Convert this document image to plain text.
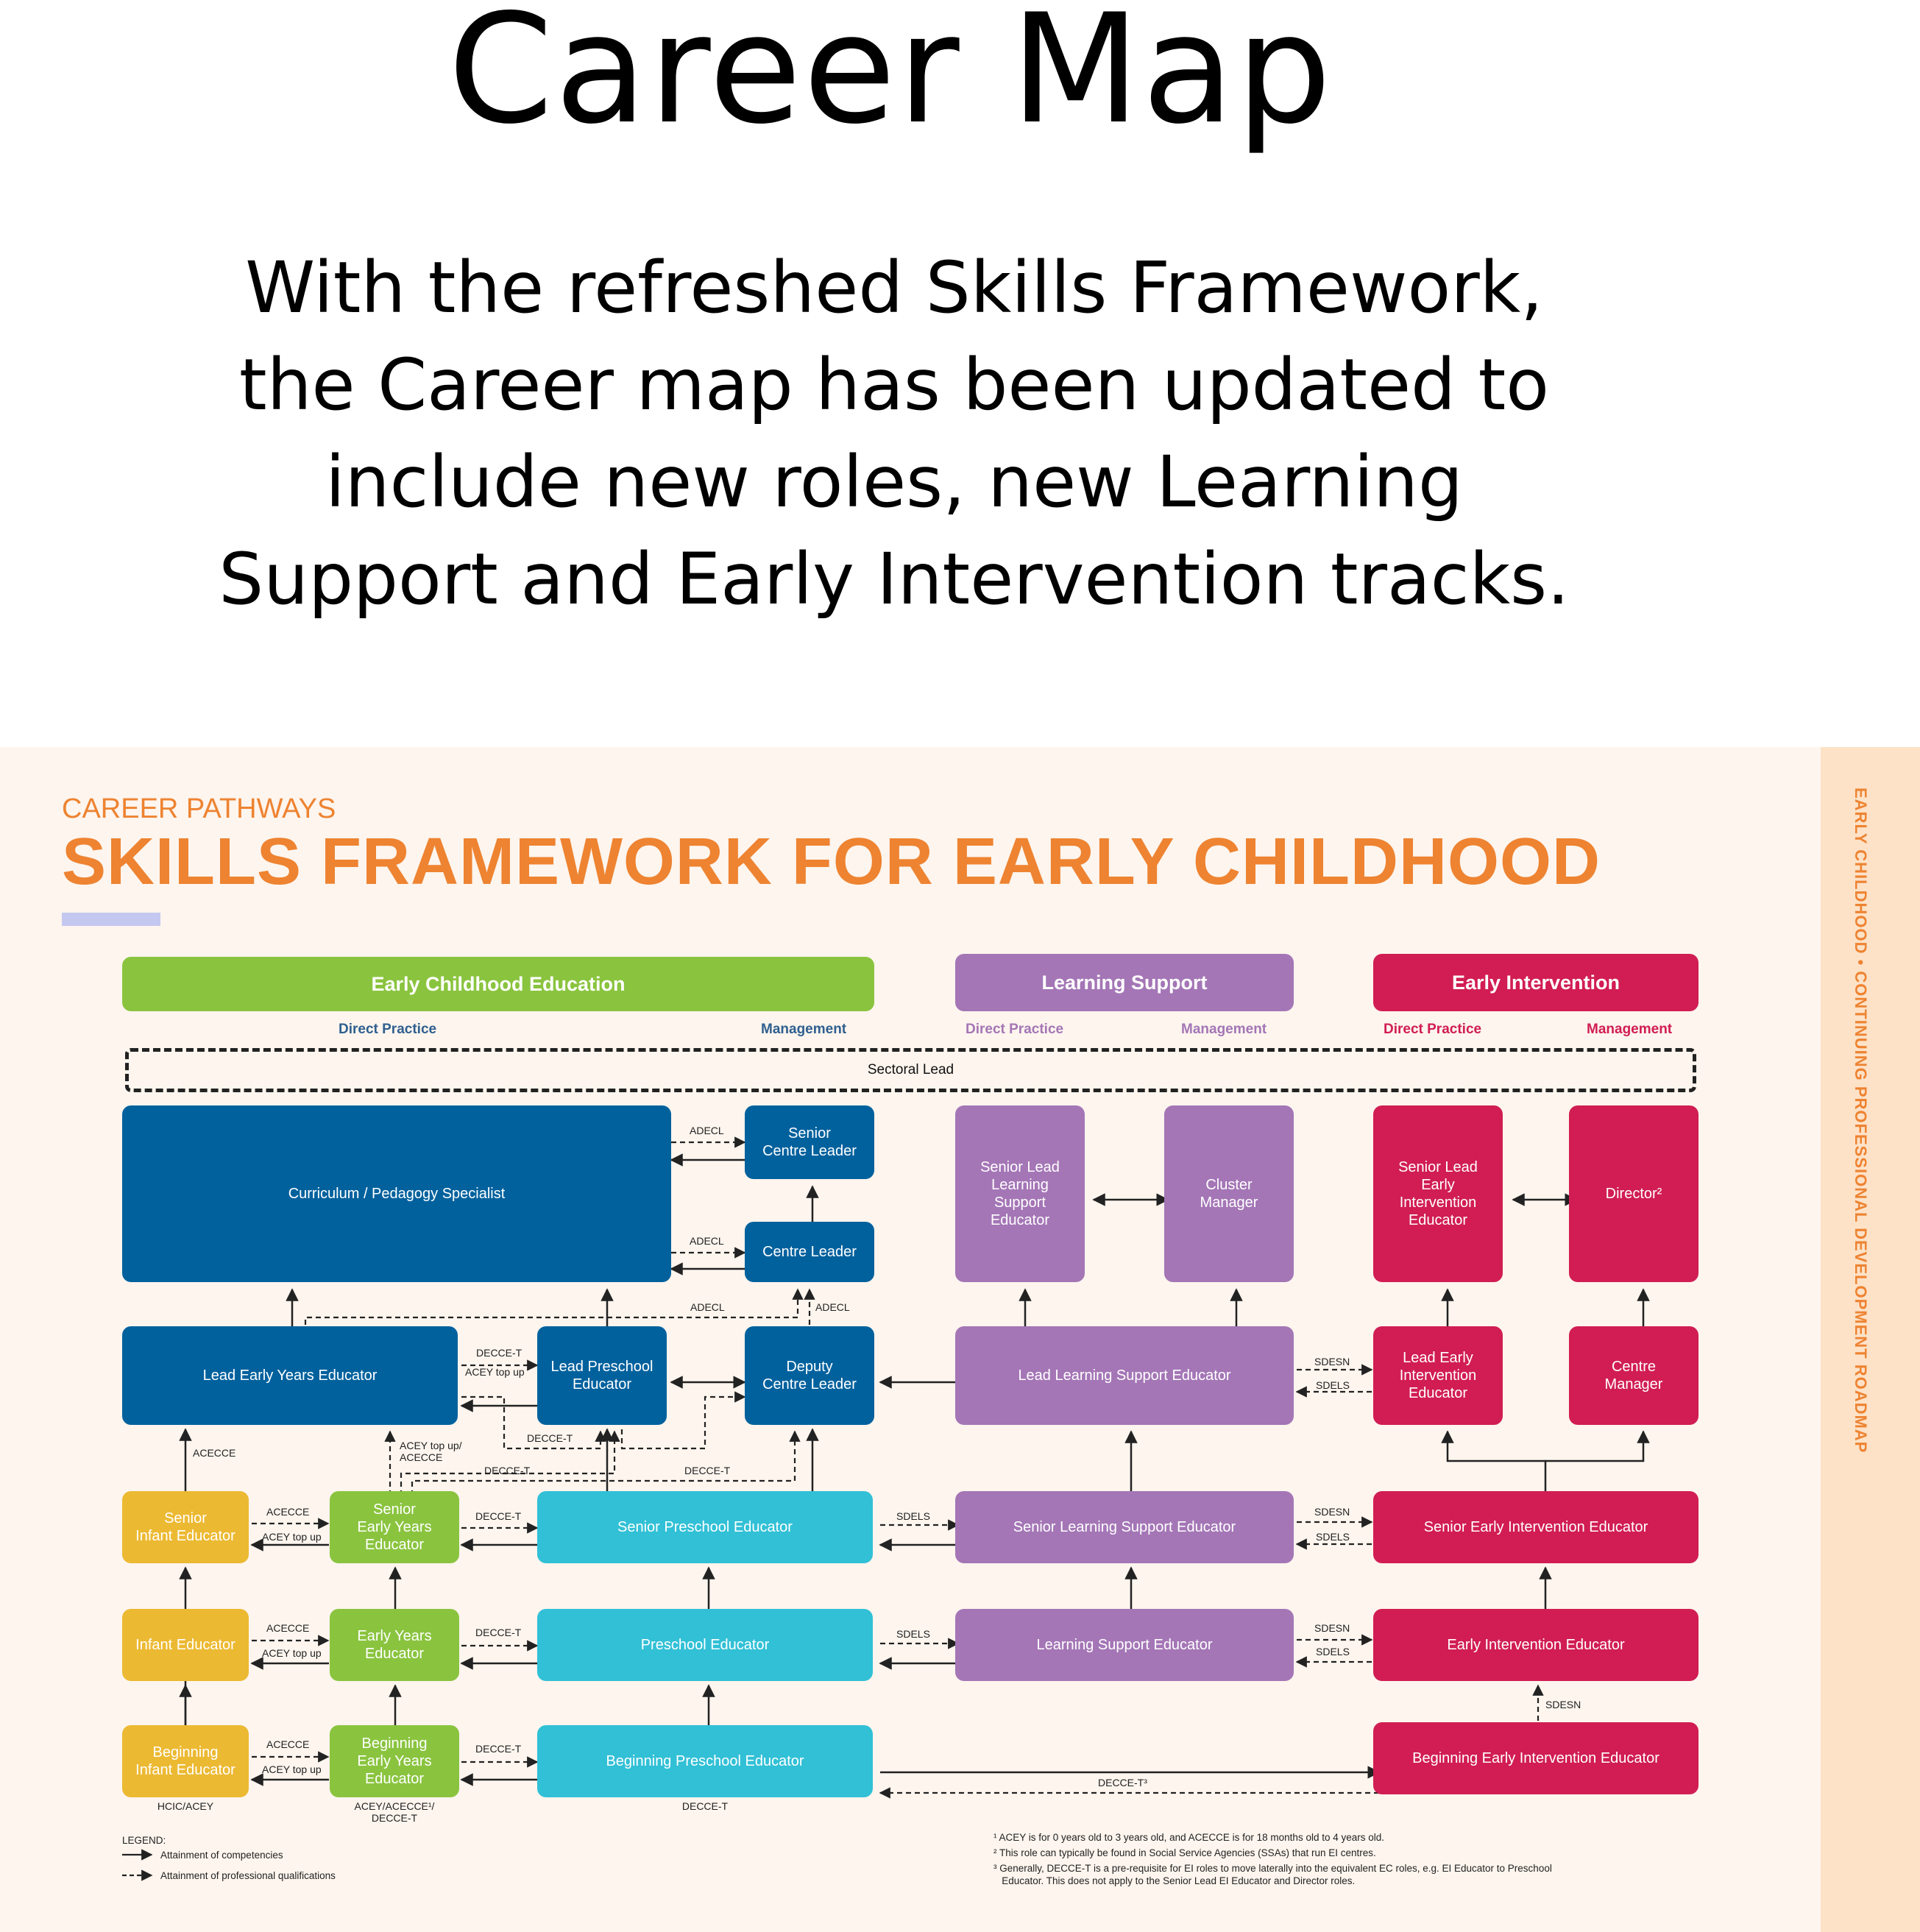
Career Map
With the refreshed Skills Framework, the Career map has been updated to include new roles, new Learning Support and Early Intervention tracks.
EARLY CHILDHOOD • CONTINUING PROFESSIONAL DEVELOPMENT ROADMAP
CAREER PATHWAYS
SKILLS FRAMEWORK FOR EARLY CHILDHOOD
Early Childhood Education	Learning Support	Early Intervention
Direct Practice	Management	Direct Practice	Management	Direct Practice	Management
Sectoral Lead
Curriculum / Pedagogy Specialist
Senior
Centre Leader
Centre Leader
Lead Early Years Educator
Lead Preschool
Educator
Deputy
Centre Leader
Senior
Infant Educator
Senior
Early Years
Educator
Senior Preschool Educator
Infant Educator
Early Years
Educator
Preschool Educator
Beginning
Infant Educator
Beginning
Early Years
Educator
Beginning Preschool Educator
Senior Lead
Learning
Support
Educator
Cluster
Manager
Lead Learning Support Educator
Senior Learning Support Educator
Learning Support Educator
Senior Lead
Early
Intervention
Educator
Director²
Lead Early
Intervention
Educator
Centre
Manager
Senior Early Intervention Educator
Early Intervention Educator
Beginning Early Intervention Educator
ADECL
ADECL
ADECL	ADECL
DECCE-T
ACEY top up
DECCE-T
ACECCE
ACEY top up/
ACECCE
DECCE-T	DECCE-T
ACECCE
ACEY top up
DECCE-T
ACECCE
ACEY top up
DECCE-T
ACECCE
ACEY top up
DECCE-T
SDELS
SDELS
SDESN
SDELS
SDESN
SDELS
SDESN
SDELS
SDESN
DECCE-T³
HCIC/ACEY	ACEY/ACECCE¹/
DECCE-T
DECCE-T
LEGEND:
Attainment of competencies
Attainment of professional qualifications
¹ ACEY is for 0 years old to 3 years old, and ACECCE is for 18 months old to 4 years old.
² This role can typically be found in Social Service Agencies (SSAs) that run EI centres.
³ Generally, DECCE-T is a pre-requisite for EI roles to move laterally into the equivalent EC roles, e.g. EI Educator to Preschool
Educator. This does not apply to the Senior Lead EI Educator and Director roles.
